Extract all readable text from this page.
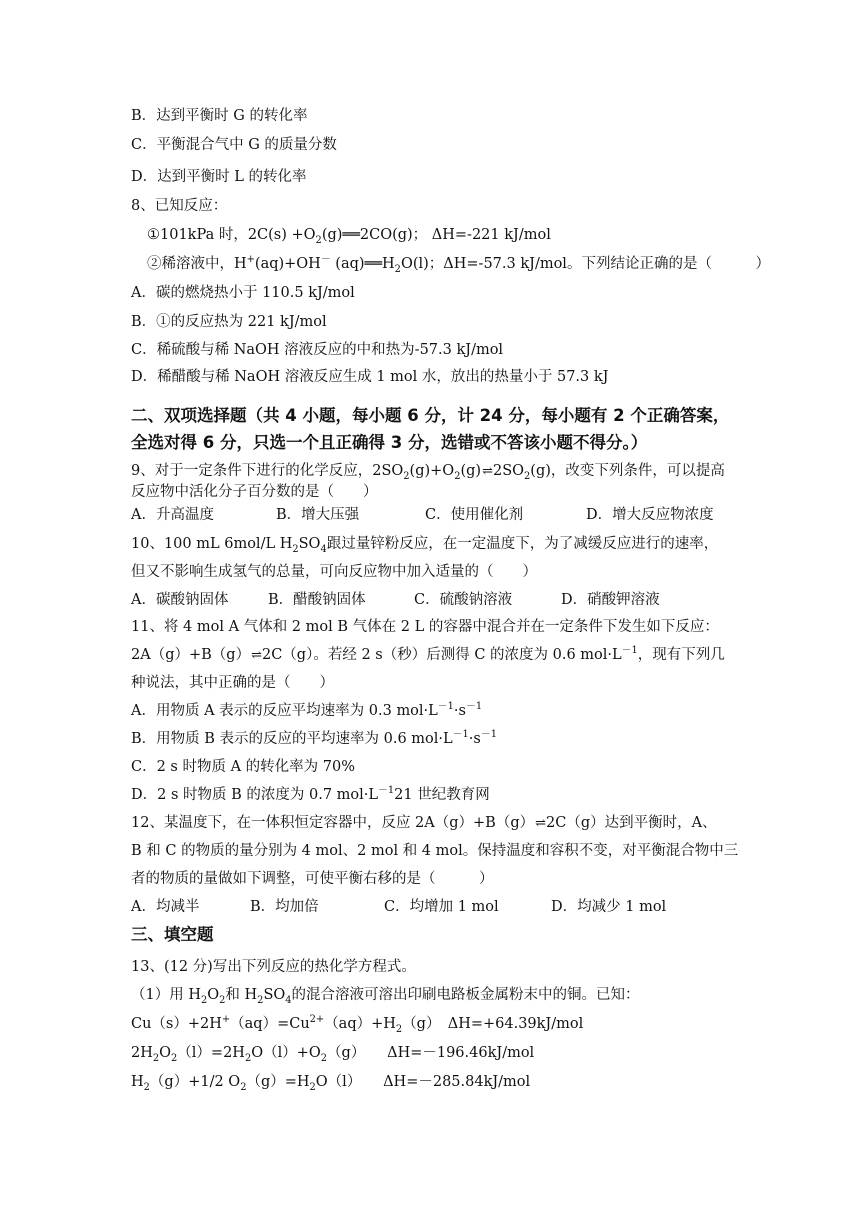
B．达到平衡时 G 的转化率
C．平衡混合气中 G 的质量分数
D．达到平衡时 L 的转化率
8、已知反应：
①101kPa 时，$2C(s) +O_2(g)══2CO(g)$； ΔH=-221 kJ/mol
②稀溶液中，H+(aq)+OH－ $(aq)══H_2O(l)$；ΔH=-57.3 kJ/mol。下列结论正确的是（　　　）
A．碳的燃烧热小于 110.5 kJ/mol
B．①的反应热为 221 kJ/mol
C．稀硫酸与稀 NaOH 溶液反应的中和热为-57.3 kJ/mol
D．稀醋酸与稀 NaOH 溶液反应生成 1 mol 水，放出的热量小于 57.3 kJ
二、双项选择题（共 4 小题，每小题 6 分，计 24 分，每小题有 2 个正确答案，
全选对得 6 分，只选一个且正确得 3 分，选错或不答该小题不得分。）
9、对于一定条件下进行的化学反应，$2SO_2(g)+O_2(g)\rightleftharpoons 2SO_2(g)$，改变下列条件，可以提高
反应物中活化分子百分数的是（　　）
A．升高温度	B．增大压强	C．使用催化剂	D．增大反应物浓度
10、100 mL 6mol/L $H_2SO_4$跟过量锌粉反应，在一定温度下，为了减缓反应进行的速率，
但又不影响生成氢气的总量，可向反应物中加入适量的（　　）
A．碳酸钠固体	B．醋酸钠固体	C．硫酸钠溶液	D．硝酸钾溶液
11、将 4 mol A 气体和 2 mol B 气体在 2 L 的容器中混合并在一定条件下发生如下反应：
2A（g）+B（g）⇌2C（g）。若经 2 s（秒）后测得 C 的浓度为 0.6 $mol\cdot L^{-1}$，现有下列几
种说法，其中正确的是（　　）
A．用物质 A 表示的反应平均速率为 0.3 $mol\cdot L^{-1}\cdot s^{-1}$
B．用物质 B 表示的反应的平均速率为 0.6 $mol\cdot L^{-1}\cdot s^{-1}$
C．2 s 时物质 A 的转化率为 70%
D．2 s 时物质 B 的浓度为 0.7 $mol\cdot L^{-1}21$ 世纪教育网
12、某温度下，在一体积恒定容器中，反应 2A（g）+B（g）⇌2C（g）达到平衡时，A、
B 和 C 的物质的量分别为 4 mol、2 mol 和 4 mol。保持温度和容积不变，对平衡混合物中三
者的物质的量做如下调整，可使平衡右移的是（　　　）
A．均减半	B．均加倍	C．均增加 1 mol	D．均减少 1 mol
三、填空题
13、(12 分)写出下列反应的热化学方程式。
（1）用 $H_2O_2$和 $H_2SO_4$的混合溶液可溶出印刷电路板金属粉末中的铜。已知：
$Cu(s)+2H^+(aq)=Cu^{2+}(aq)+H_2(g)$　ΔH=+64.39kJ/mol
$2H_2O_2(l)=2H_2O(l)+O_2(g)$　　ΔH=－196.46kJ/mol
$H_2(g)+1/2$ $O_2(g)=H_2O(l)$　　ΔH=－285.84kJ/mol
